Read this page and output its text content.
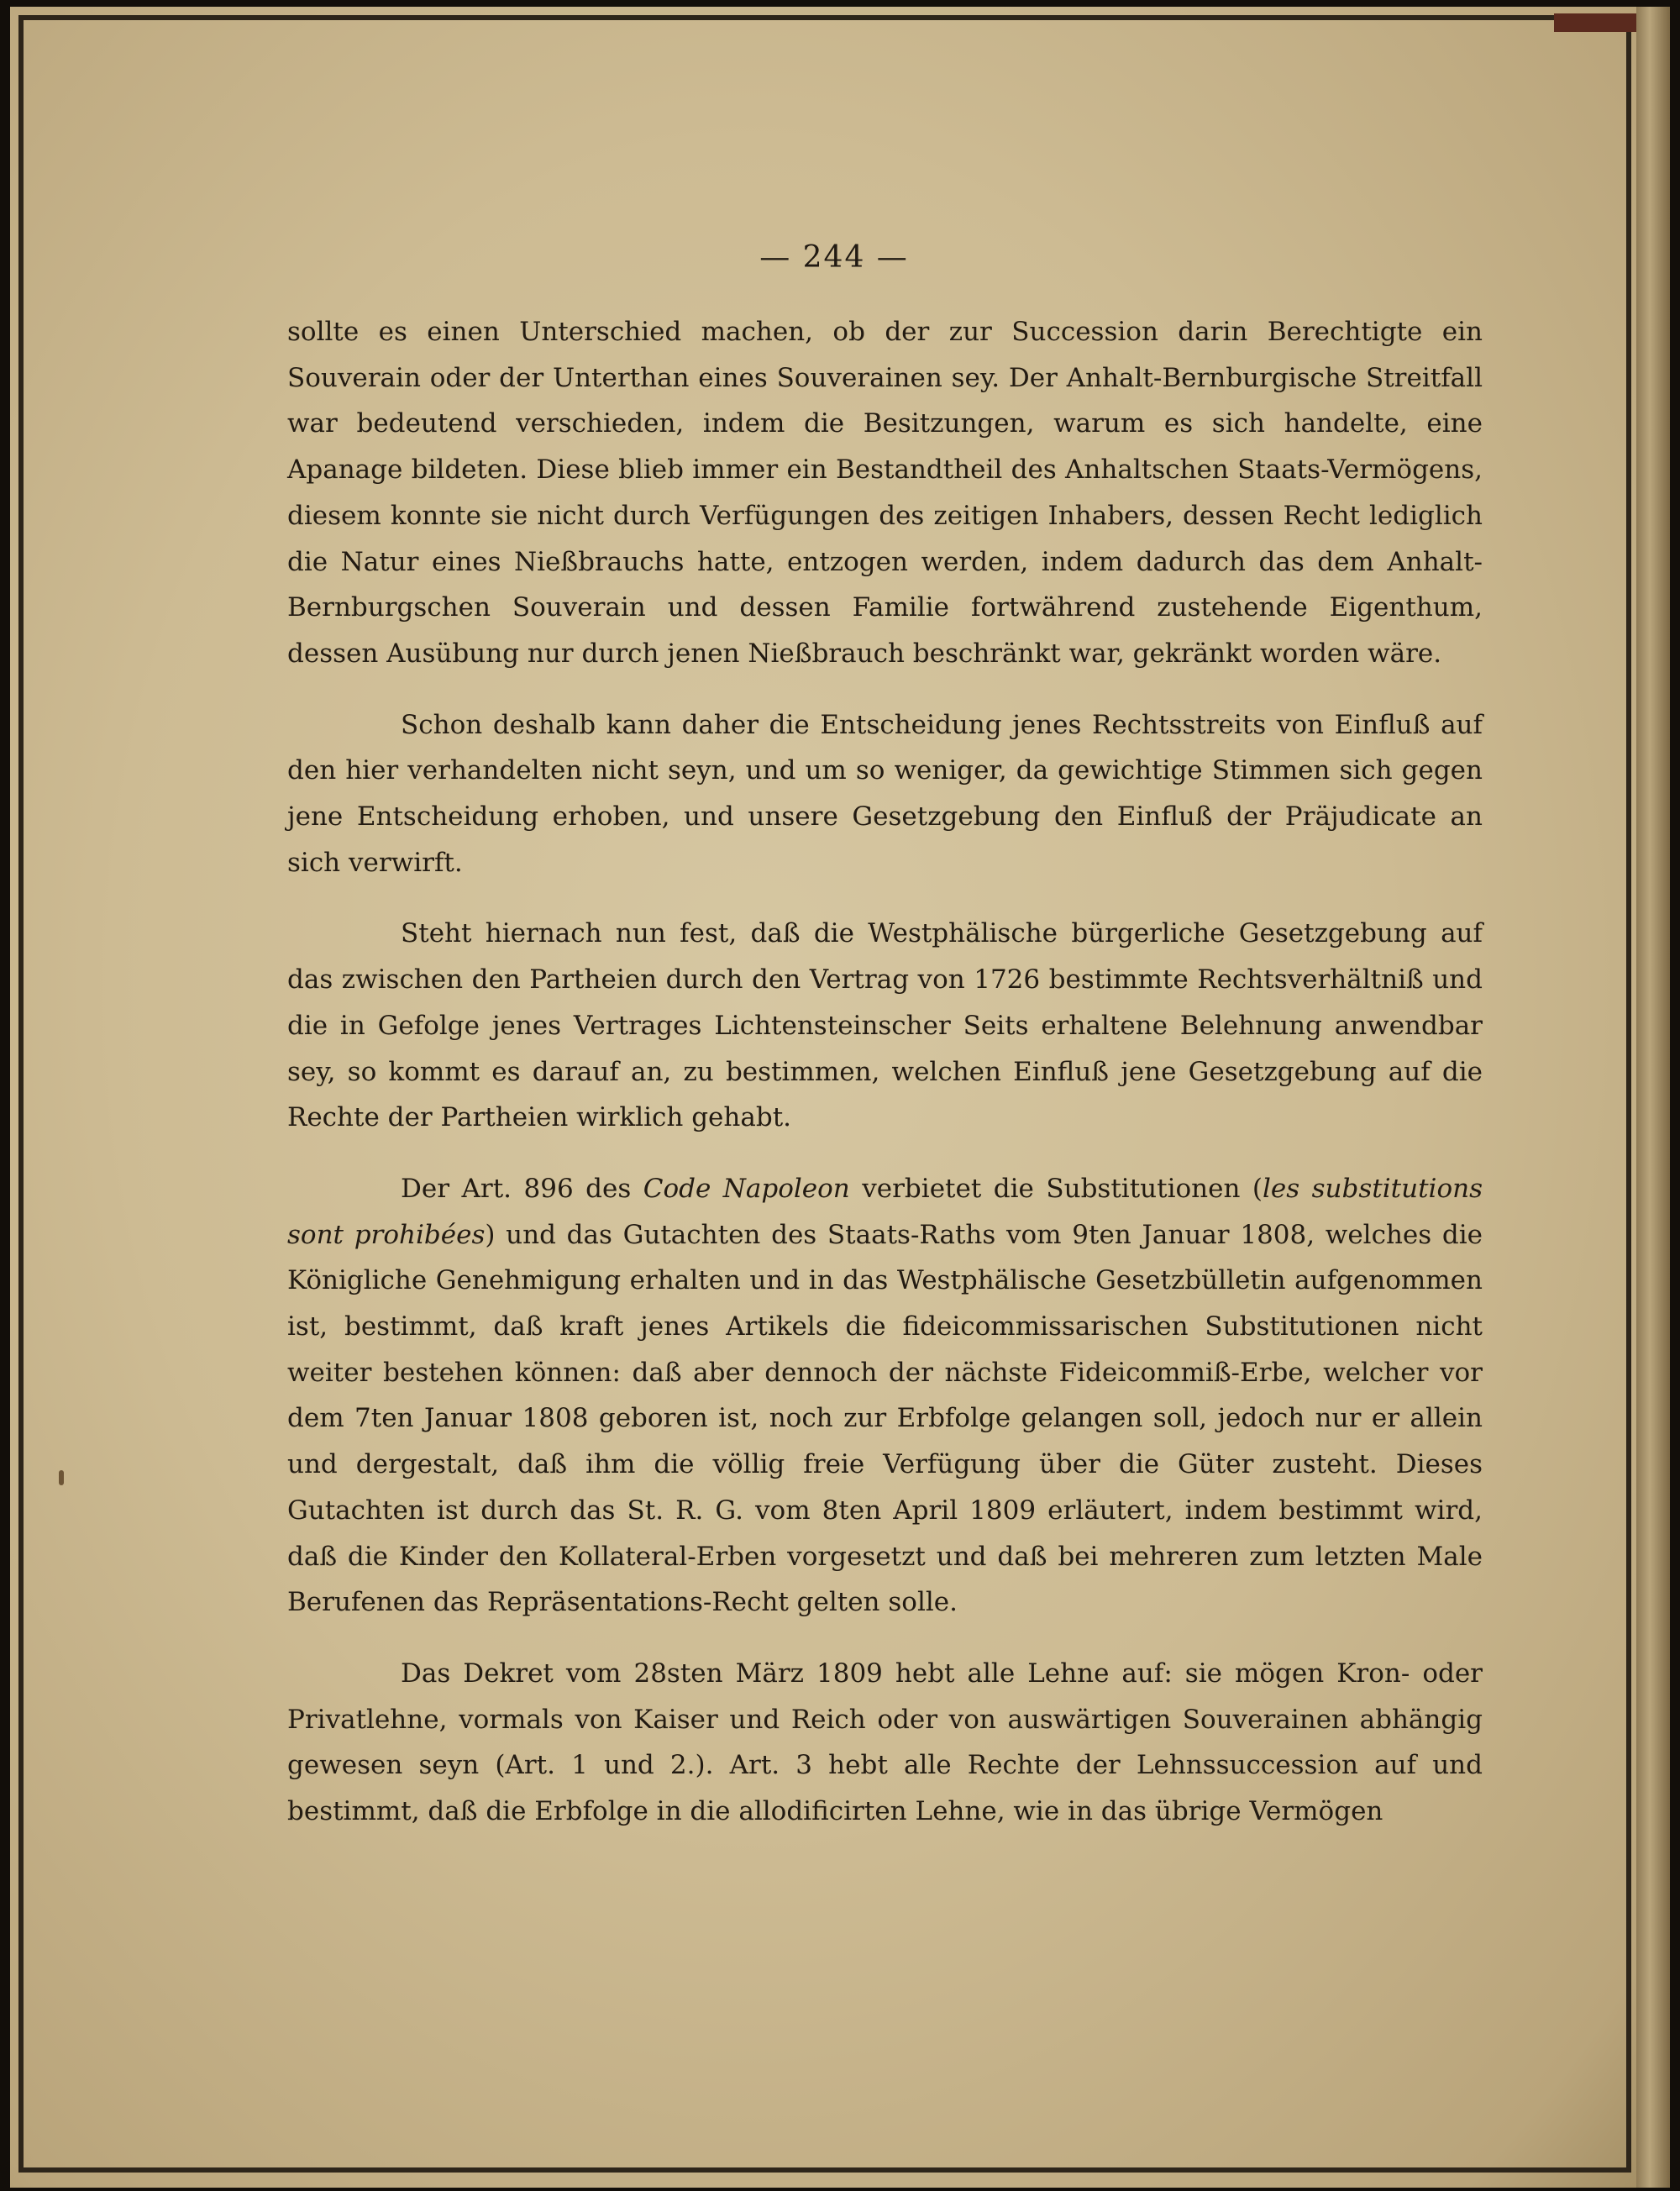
— 244 —

sollte es einen Unterschied machen, ob der zur Succession darin Berechtigte ein Souverain oder der Unterthan eines Souverainen sey. Der Anhalt-Bernburgische Streitfall war bedeutend verschieden, indem die Besitzungen, warum es sich handelte, eine Apanage bildeten. Diese blieb immer ein Bestandtheil des Anhaltschen Staats-Vermögens, diesem konnte sie nicht durch Verfügungen des zeitigen Inhabers, dessen Recht lediglich die Natur eines Nießbrauchs hatte, entzogen werden, indem dadurch das dem Anhalt-Bernburgschen Souverain und dessen Familie fortwährend zustehende Eigenthum, dessen Ausübung nur durch jenen Nießbrauch beschränkt war, gekränkt worden wäre.

Schon deshalb kann daher die Entscheidung jenes Rechtsstreits von Einfluß auf den hier verhandelten nicht seyn, und um so weniger, da gewichtige Stimmen sich gegen jene Entscheidung erhoben, und unsere Gesetzgebung den Einfluß der Präjudicate an sich verwirft.

Steht hiernach nun fest, daß die Westphälische bürgerliche Gesetzgebung auf das zwischen den Partheien durch den Vertrag von 1726 bestimmte Rechtsverhältniß und die in Gefolge jenes Vertrages Lichtensteinscher Seits erhaltene Belehnung anwendbar sey, so kommt es darauf an, zu bestimmen, welchen Einfluß jene Gesetzgebung auf die Rechte der Partheien wirklich gehabt.

Der Art. 896 des Code Napoleon verbietet die Substitutionen (les substitutions sont prohibées) und das Gutachten des Staats-Raths vom 9ten Januar 1808, welches die Königliche Genehmigung erhalten und in das Westphälische Gesetzbülletin aufgenommen ist, bestimmt, daß kraft jenes Artikels die fideicommissarischen Substitutionen nicht weiter bestehen können: daß aber dennoch der nächste Fideicommiß-Erbe, welcher vor dem 7ten Januar 1808 geboren ist, noch zur Erbfolge gelangen soll, jedoch nur er allein und dergestalt, daß ihm die völlig freie Verfügung über die Güter zusteht. Dieses Gutachten ist durch das St. R. G. vom 8ten April 1809 erläutert, indem bestimmt wird, daß die Kinder den Kollateral-Erben vorgesetzt und daß bei mehreren zum letzten Male Berufenen das Repräsentations-Recht gelten solle.

Das Dekret vom 28sten März 1809 hebt alle Lehne auf: sie mögen Kron- oder Privatlehne, vormals von Kaiser und Reich oder von auswärtigen Souverainen abhängig gewesen seyn (Art. 1 und 2.). Art. 3 hebt alle Rechte der Lehnssuccession auf und bestimmt, daß die Erbfolge in die allodificirten Lehne, wie in das übrige Vermögen
